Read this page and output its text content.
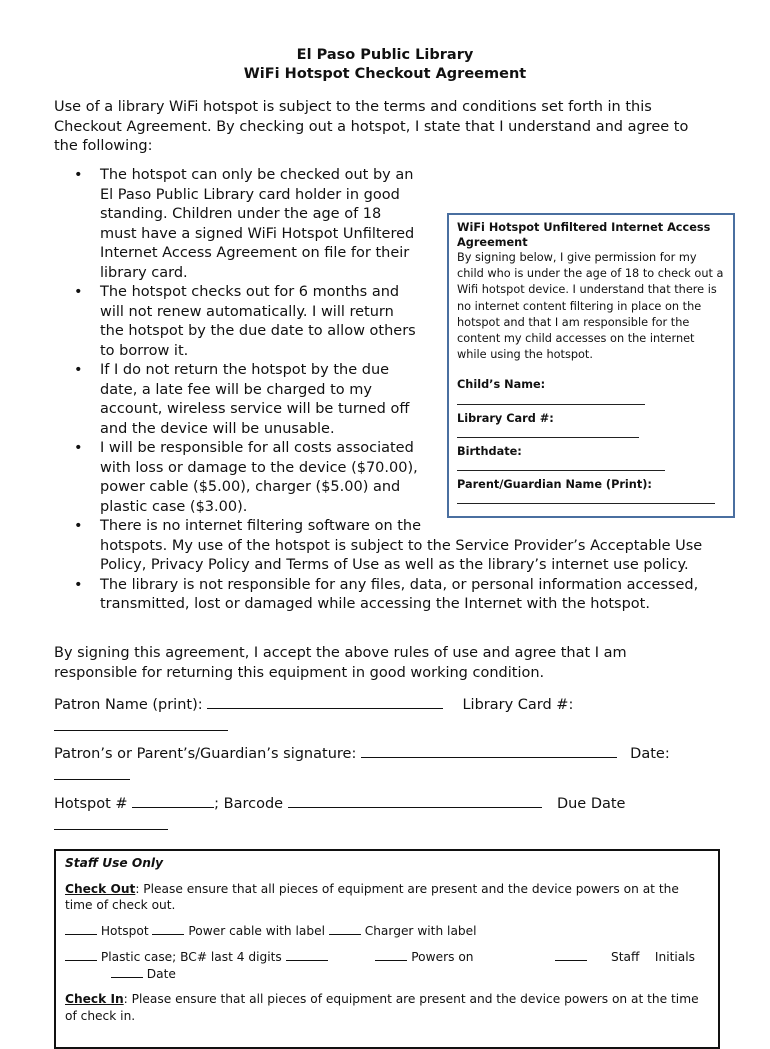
El Paso Public Library
WiFi Hotspot Checkout Agreement
Use of a library WiFi hotspot is subject to the terms and conditions set forth in this Checkout Agreement. By checking out a hotspot, I state that I understand and agree to the following:
• The hotspot can only be checked out by an El Paso Public Library card holder in good standing. Children under the age of 18 must have a signed WiFi Hotspot Unfiltered Internet Access Agreement on file for their library card.
• The hotspot checks out for 6 months and will not renew automatically. I will return the hotspot by the due date to allow others to borrow it.
• If I do not return the hotspot by the due date, a late fee will be charged to my account, wireless service will be turned off and the device will be unusable.
• I will be responsible for all costs associated with loss or damage to the device ($70.00), power cable ($5.00), charger ($5.00) and plastic case ($3.00).
• There is no internet filtering software on the hotspots. My use of the hotspot is subject to the Service Provider’s Acceptable Use Policy, Privacy Policy and Terms of Use as well as the library’s internet use policy.
• The library is not responsible for any files, data, or personal information accessed, transmitted, lost or damaged while accessing the Internet with the hotspot.
WiFi Hotspot Unfiltered Internet Access Agreement
By signing below, I give permission for my child who is under the age of 18 to check out a Wifi hotspot device. I understand that there is no internet content filtering in place on the hotspot and that I am responsible for the content my child accesses on the internet while using the hotspot.
Child’s Name:
Library Card #:
Birthdate:
Parent/Guardian Name (Print):
By signing this agreement, I accept the above rules of use and agree that I am responsible for returning this equipment in good working condition.
Patron Name (print):	Library Card #:

Patron’s or Parent’s/Guardian’s signature:	Date:

Hotspot #	; Barcode	Due Date

Staff Use Only

Check Out: Please ensure that all pieces of equipment are present and the device powers on at the time of check out.

Hotspot	Power cable with label	Charger with label

Plastic case; BC# last 4 digits	Powers on	Staff    Initials
Date

Check In: Please ensure that all pieces of equipment are present and the device powers on at the time of check in.
